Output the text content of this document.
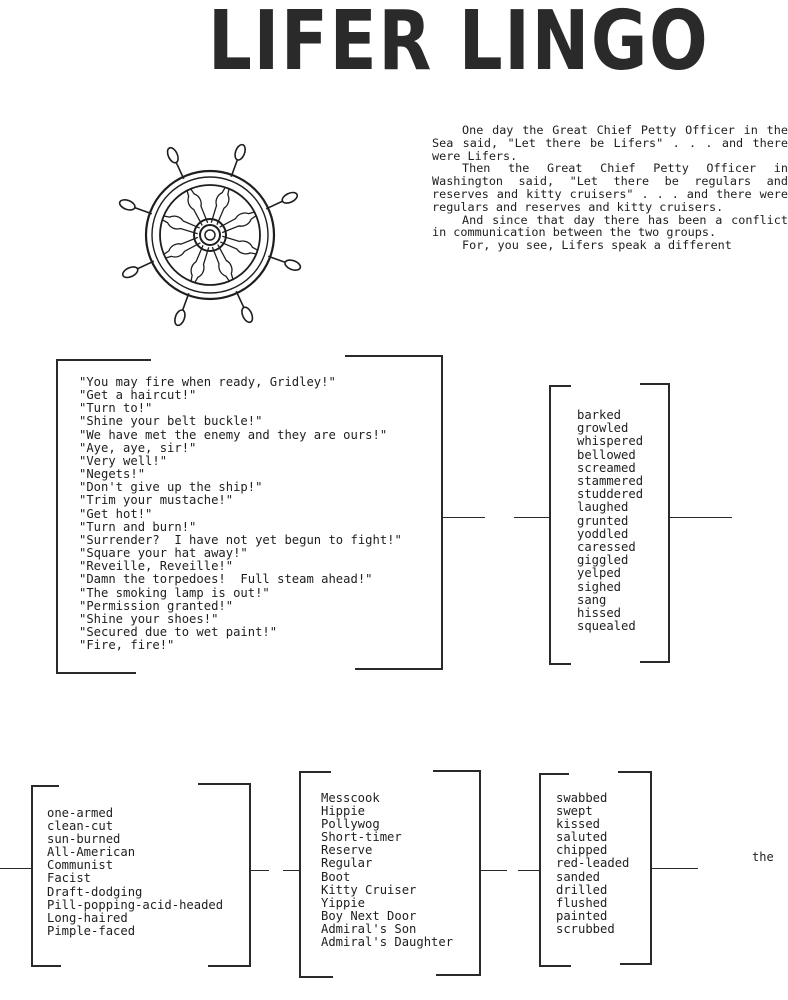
LIFER LINGO

One day the Great Chief Petty Officer in the Sea said, "Let there be Lifers" . . . and there were Lifers.

Then the Great Chief Petty Officer in Washington said, "Let there be regulars and reserves and kitty cruisers" . . . and there were regulars and reserves and kitty cruisers.

And since that day there has been a conflict in communication between the two groups.

For, you see, Lifers speak a different

"You may fire when ready, Gridley!"
"Get a haircut!"
"Turn to!"
"Shine your belt buckle!"
"We have met the enemy and they are ours!"
"Aye, aye, sir!"
"Very well!"
"Negets!"
"Don't give up the ship!"
"Trim your mustache!"
"Get hot!"
"Turn and burn!"
"Surrender?  I have not yet begun to fight!"
"Square your hat away!"
"Reveille, Reveille!"
"Damn the torpedoes!  Full steam ahead!"
"The smoking lamp is out!"
"Permission granted!"
"Shine your shoes!"
"Secured due to wet paint!"
"Fire, fire!"
barked
growled
whispered
bellowed
screamed
stammered
studdered
laughed
grunted
yoddled
caressed
giggled
yelped
sighed
sang
hissed
squealed
one-armed
clean-cut
sun-burned
All-American
Communist
Facist
Draft-dodging
Pill-popping-acid-headed
Long-haired
Pimple-faced
Messcook
Hippie
Pollywog
Short-timer
Reserve
Regular
Boot
Kitty Cruiser
Yippie
Boy Next Door
Admiral's Son
Admiral's Daughter
swabbed
swept
kissed
saluted
chipped
red-leaded
sanded
drilled
flushed
painted
scrubbed
the
